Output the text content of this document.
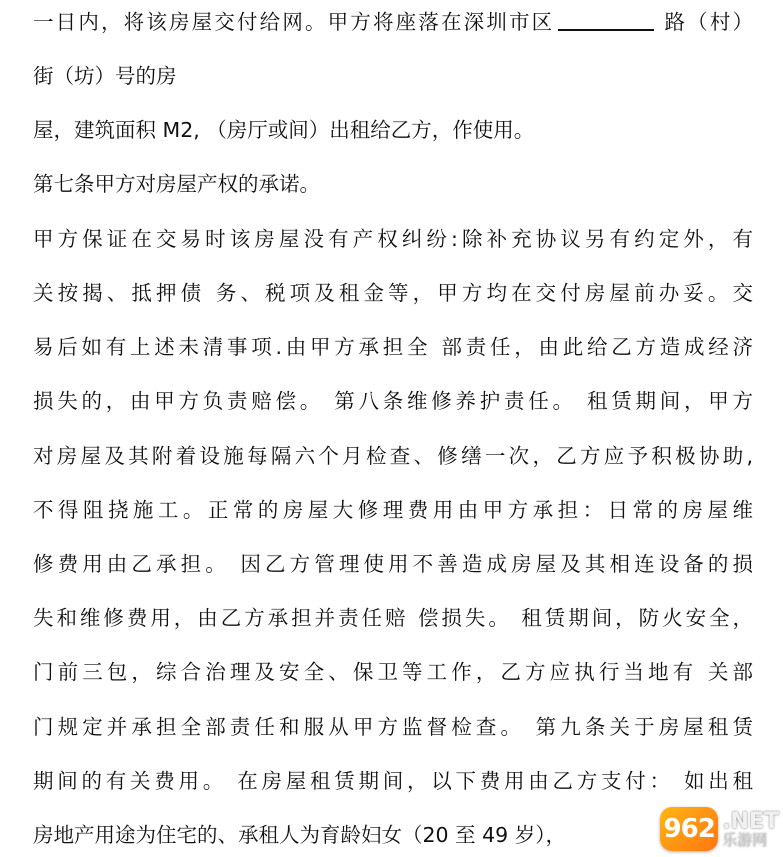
一日内，将该房屋交付给网。甲方将座落在深圳市区	路（村）
街（坊）号的房
屋，建筑面积 M2, （房厅或间）出租给乙方，作使用。
第七条甲方对房屋产权的承诺。
甲方保证在交易时该房屋没有产权纠纷:除补充协议另有约定外，有
关按揭、抵押债 务、税项及租金等，甲方均在交付房屋前办妥。交
易后如有上述未清事项.由甲方承担全 部责任，由此给乙方造成经济
损失的，由甲方负责赔偿。 第八条维修养护责任。 租赁期间，甲方
对房屋及其附着设施每隔六个月检查、修缮一次，乙方应予积极协助,
不得阻挠施工。正常的房屋大修理费用由甲方承担：日常的房屋维
修费用由乙承担。 因乙方管理使用不善造成房屋及其相连设备的损
失和维修费用，由乙方承担并责任赔 偿损失。 租赁期间，防火安全，
门前三包，综合治理及安全、保卫等工作，乙方应执行当地有 关部
门规定并承担全部责任和服从甲方监督检查。 第九条关于房屋租赁
期间的有关费用。 在房屋租赁期间，以下费用由乙方支付： 如出租
房地产用途为住宅的、承租人为育龄妇女（20 至 49 岁），	962 .NET
乐游网
